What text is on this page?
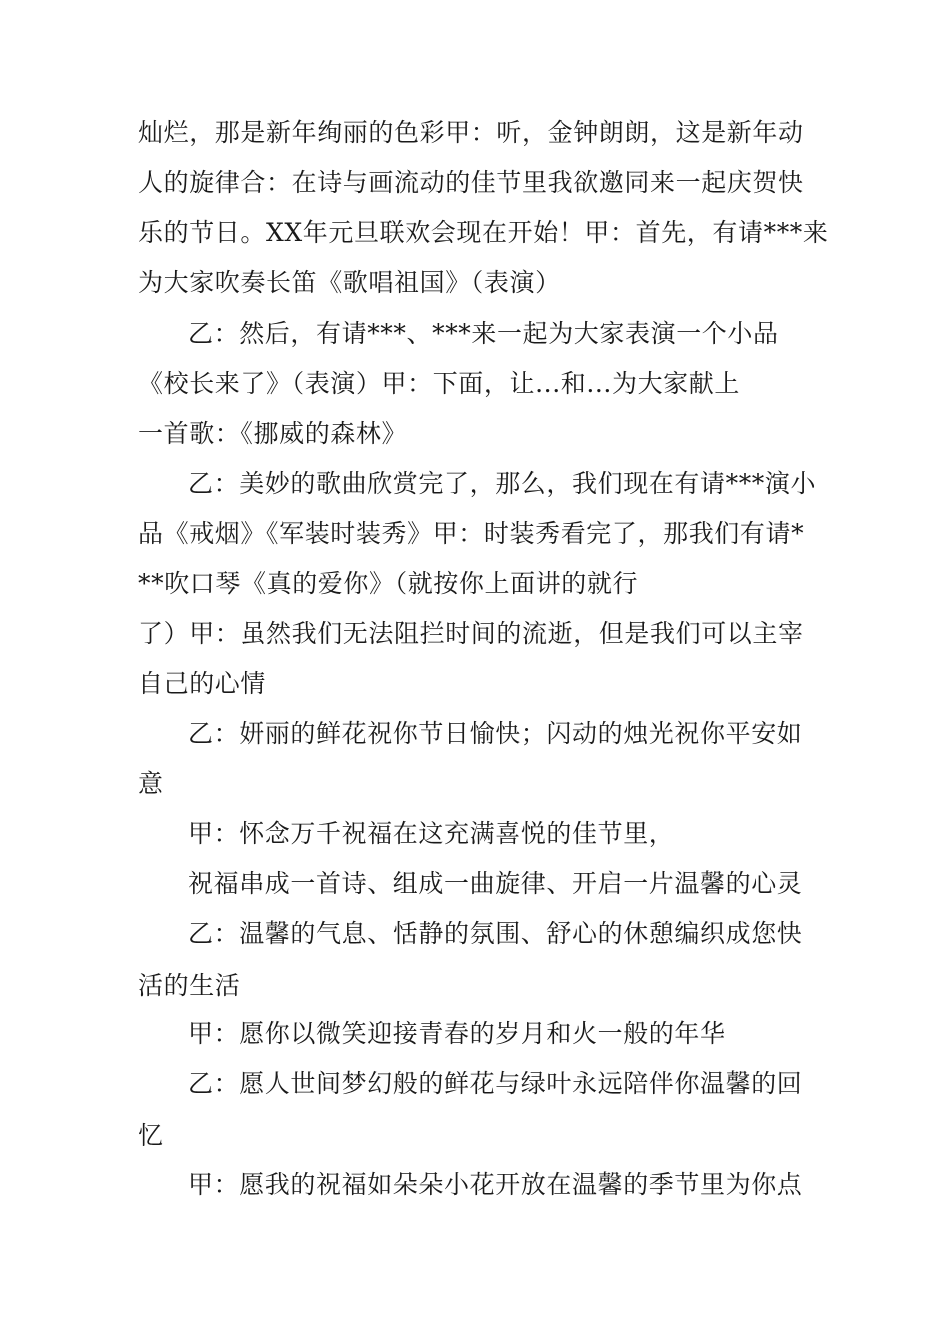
灿烂，那是新年绚丽的色彩甲：听，金钟朗朗，这是新年动
人的旋律合：在诗与画流动的佳节里我欲邀同来一起庆贺快
乐的节日。XX年元旦联欢会现在开始！甲：首先，有请***来
为大家吹奏长笛《歌唱祖国》（表演）
乙：然后，有请***、***来一起为大家表演一个小品
《校长来了》（表演）甲：下面，让...和...为大家献上
一首歌：《挪威的森林》
乙：美妙的歌曲欣赏完了，那么，我们现在有请***演小
品《戒烟》《军装时装秀》甲：时装秀看完了，那我们有请*
**吹口琴《真的爱你》（就按你上面讲的就行
了）甲：虽然我们无法阻拦时间的流逝，但是我们可以主宰
自己的心情
乙：妍丽的鲜花祝你节日愉快；闪动的烛光祝你平安如
意
甲：怀念万千祝福在这充满喜悦的佳节里，
祝福串成一首诗、组成一曲旋律、开启一片温馨的心灵
乙：温馨的气息、恬静的氛围、舒心的休憩编织成您快
活的生活
甲：愿你以微笑迎接青春的岁月和火一般的年华
乙：愿人世间梦幻般的鲜花与绿叶永远陪伴你温馨的回
忆
甲：愿我的祝福如朵朵小花开放在温馨的季节里为你点
